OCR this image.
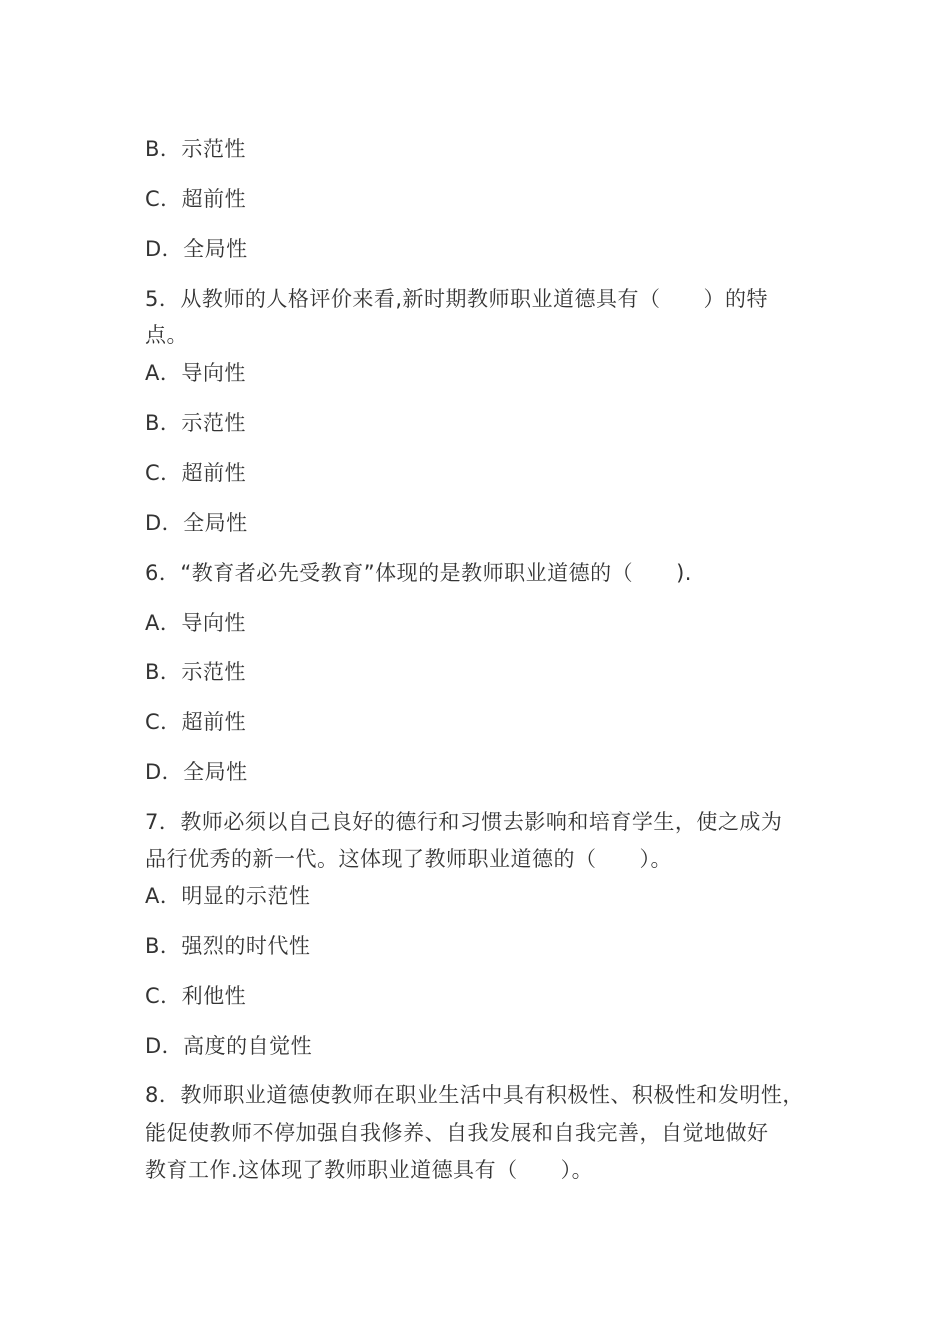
B．示范性
C．超前性
D．全局性
5．从教师的人格评价来看,新时期教师职业道德具有（　　）的特
点。
A．导向性
B．示范性
C．超前性
D．全局性
6．“教育者必先受教育”体现的是教师职业道德的（　　).
A．导向性
B．示范性
C．超前性
D．全局性
7．教师必须以自己良好的德行和习惯去影响和培育学生，使之成为
品行优秀的新一代。这体现了教师职业道德的（　　）。
A．明显的示范性
B．强烈的时代性
C．利他性
D．高度的自觉性
8．教师职业道德使教师在职业生活中具有积极性、积极性和发明性，
能促使教师不停加强自我修养、自我发展和自我完善，自觉地做好
教育工作.这体现了教师职业道德具有（　　）。
